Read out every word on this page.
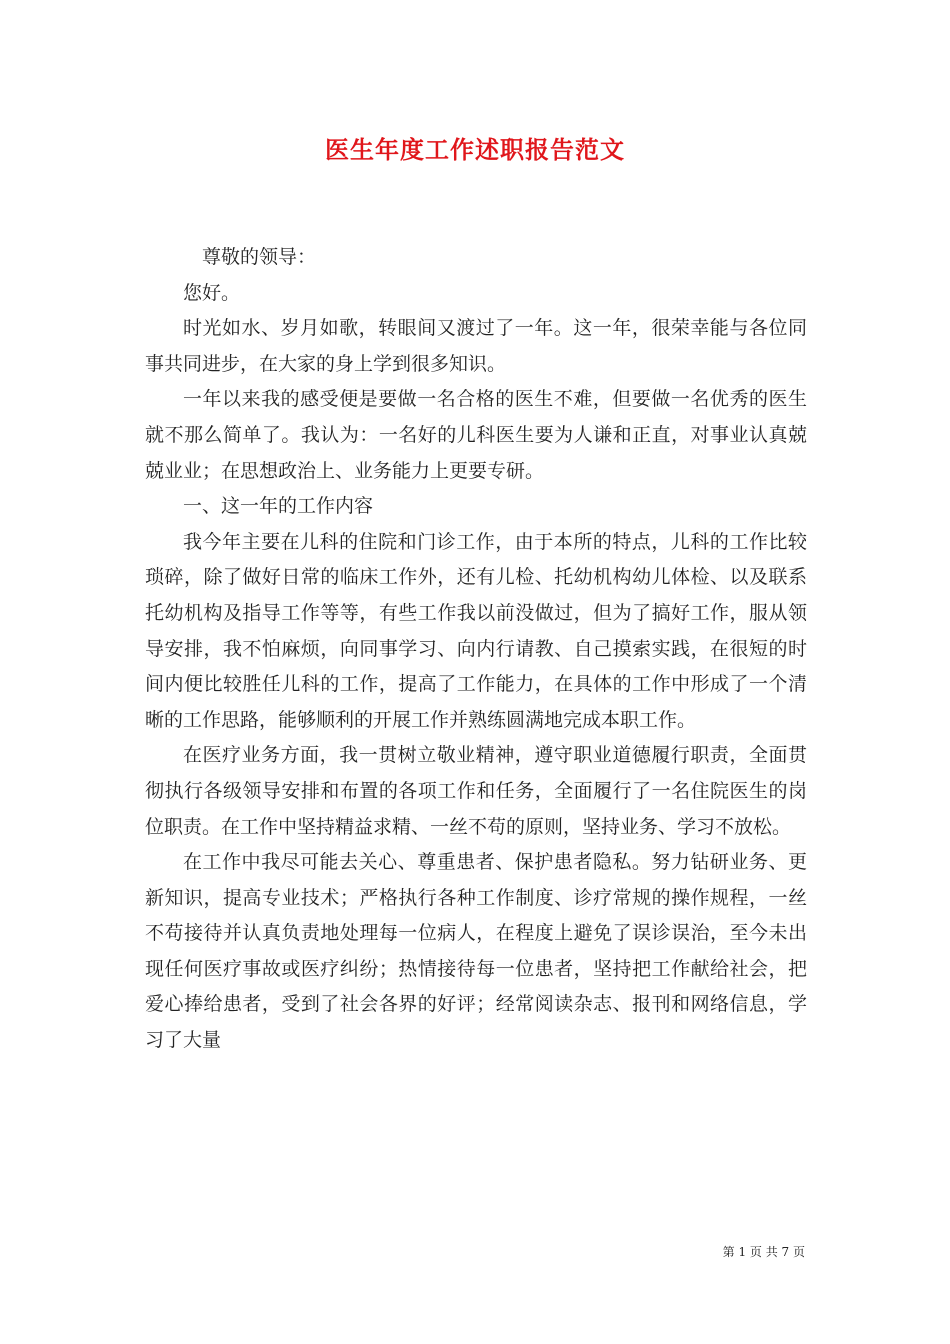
医生年度工作述职报告范文

尊敬的领导：

您好。

时光如水、岁月如歌，转眼间又渡过了一年。这一年，很荣幸能与各位同事共同进步，在大家的身上学到很多知识。

一年以来我的感受便是要做一名合格的医生不难，但要做一名优秀的医生就不那么简单了。我认为：一名好的儿科医生要为人谦和正直，对事业认真兢兢业业；在思想政治上、业务能力上更要专研。

一、这一年的工作内容

我今年主要在儿科的住院和门诊工作，由于本所的特点，儿科的工作比较琐碎，除了做好日常的临床工作外，还有儿检、托幼机构幼儿体检、以及联系托幼机构及指导工作等等，有些工作我以前没做过，但为了搞好工作，服从领导安排，我不怕麻烦，向同事学习、向内行请教、自己摸索实践，在很短的时间内便比较胜任儿科的工作，提高了工作能力，在具体的工作中形成了一个清晰的工作思路，能够顺利的开展工作并熟练圆满地完成本职工作。

在医疗业务方面，我一贯树立敬业精神，遵守职业道德履行职责，全面贯彻执行各级领导安排和布置的各项工作和任务，全面履行了一名住院医生的岗位职责。在工作中坚持精益求精、一丝不苟的原则，坚持业务、学习不放松。

在工作中我尽可能去关心、尊重患者、保护患者隐私。努力钻研业务、更新知识，提高专业技术；严格执行各种工作制度、诊疗常规的操作规程，一丝不苟接待并认真负责地处理每一位病人，在程度上避免了误诊误治，至今未出现任何医疗事故或医疗纠纷；热情接待每一位患者，坚持把工作献给社会，把爱心捧给患者，受到了社会各界的好评；经常阅读杂志、报刊和网络信息，学习了大量

第 1 页 共 7 页
